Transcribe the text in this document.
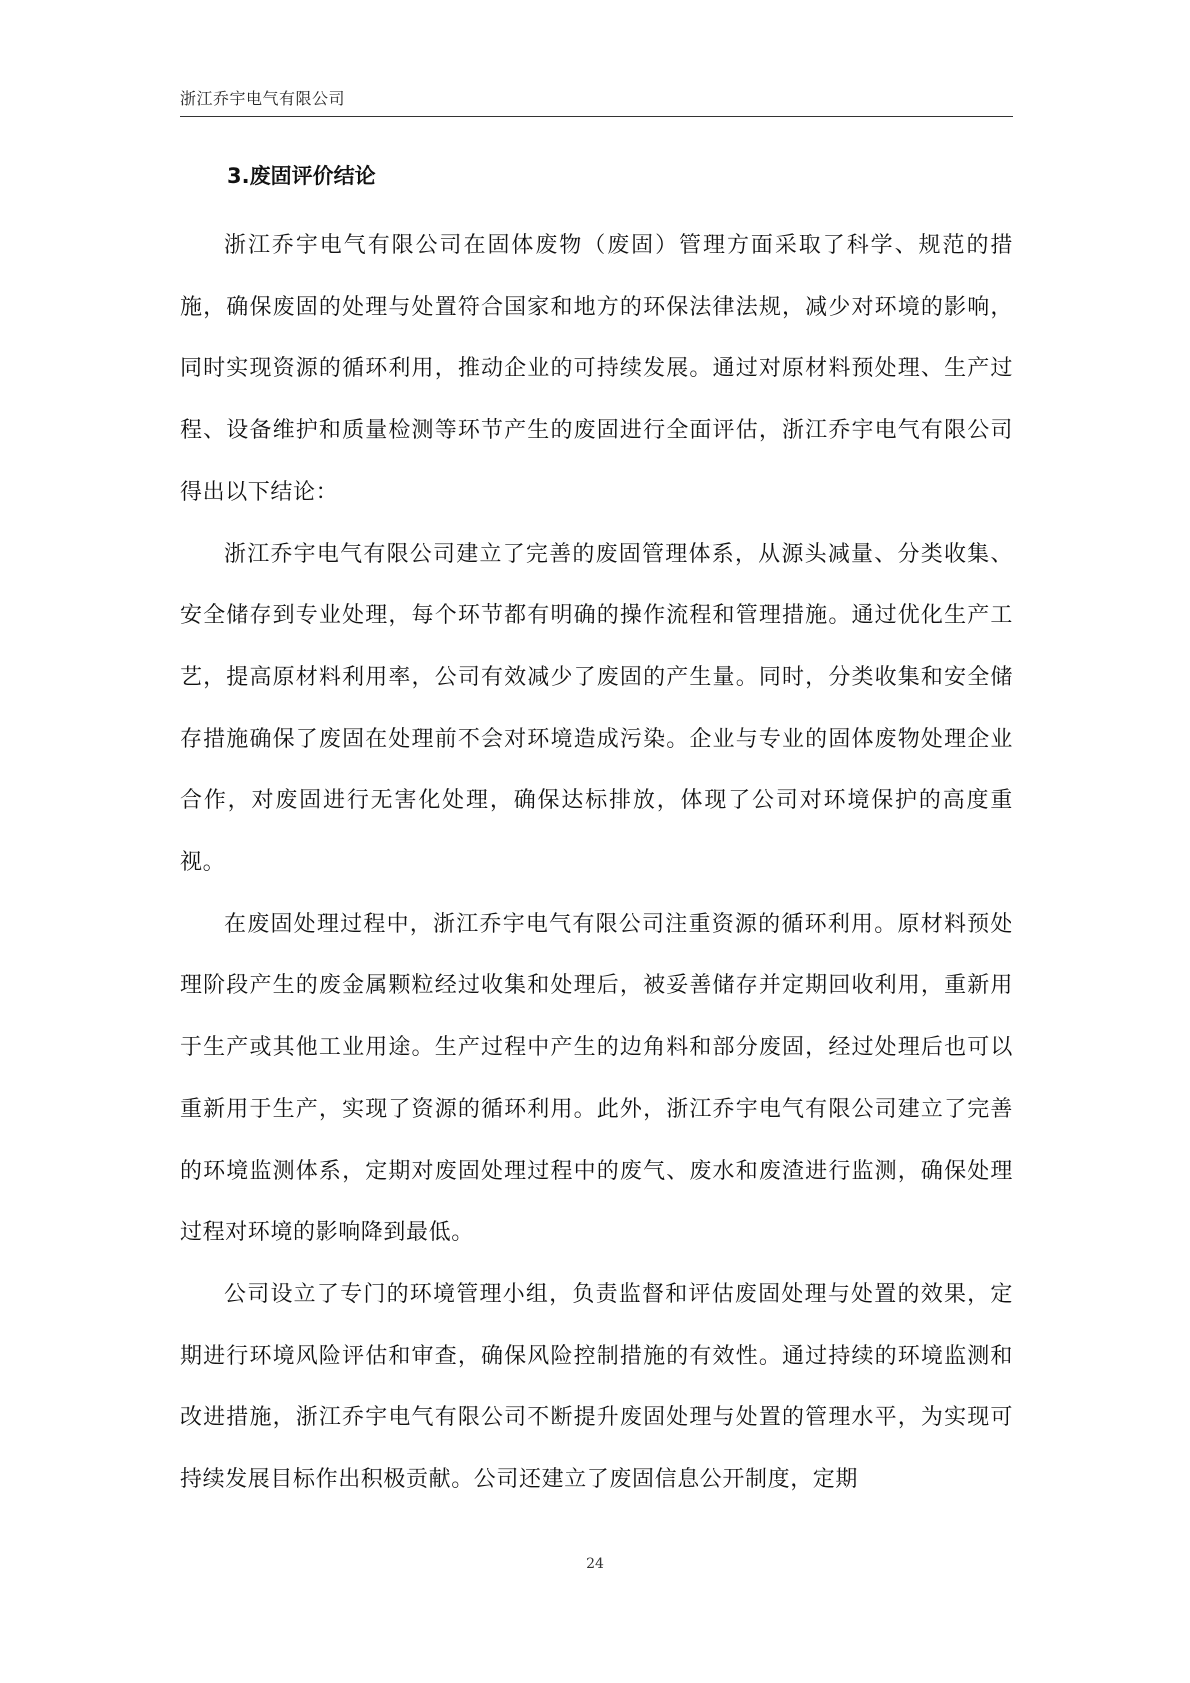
浙江乔宇电气有限公司
3.废固评价结论

浙江乔宇电气有限公司在固体废物（废固）管理方面采取了科学、规范的措施，确保废固的处理与处置符合国家和地方的环保法律法规，减少对环境的影响，同时实现资源的循环利用，推动企业的可持续发展。通过对原材料预处理、生产过程、设备维护和质量检测等环节产生的废固进行全面评估，浙江乔宇电气有限公司得出以下结论：

浙江乔宇电气有限公司建立了完善的废固管理体系，从源头减量、分类收集、安全储存到专业处理，每个环节都有明确的操作流程和管理措施。通过优化生产工艺，提高原材料利用率，公司有效减少了废固的产生量。同时，分类收集和安全储存措施确保了废固在处理前不会对环境造成污染。企业与专业的固体废物处理企业合作，对废固进行无害化处理，确保达标排放，体现了公司对环境保护的高度重视。

在废固处理过程中，浙江乔宇电气有限公司注重资源的循环利用。原材料预处理阶段产生的废金属颗粒经过收集和处理后，被妥善储存并定期回收利用，重新用于生产或其他工业用途。生产过程中产生的边角料和部分废固，经过处理后也可以重新用于生产，实现了资源的循环利用。此外，浙江乔宇电气有限公司建立了完善的环境监测体系，定期对废固处理过程中的废气、废水和废渣进行监测，确保处理过程对环境的影响降到最低。

公司设立了专门的环境管理小组，负责监督和评估废固处理与处置的效果，定期进行环境风险评估和审查，确保风险控制措施的有效性。通过持续的环境监测和改进措施，浙江乔宇电气有限公司不断提升废固处理与处置的管理水平，为实现可持续发展目标作出积极贡献。公司还建立了废固信息公开制度，定期

24
